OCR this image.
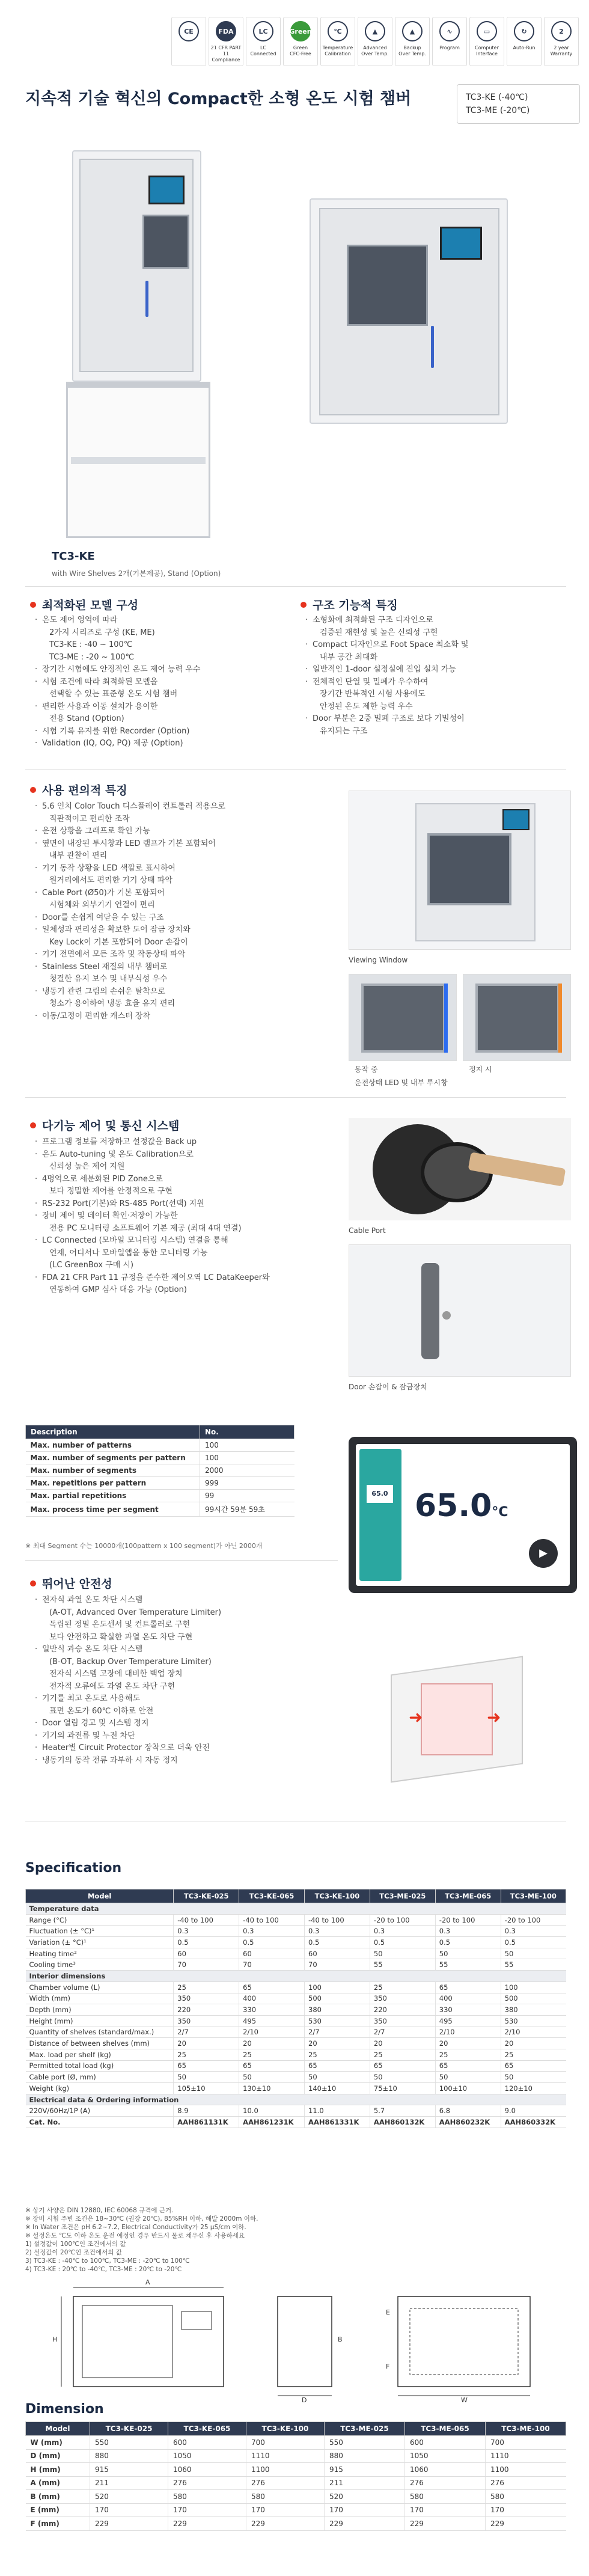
CE	FDA
21 CFR PART 11
Compliance
LC
LC
Connected
Green
Green
CFC-Free
℃
Temperature
Calibration
▲
Advanced
Over Temp.
▲
Backup
Over Temp.
∿
Program
▭
Computer
Interface
↻
Auto-Run
2
2 year
Warranty
지속적 기술 혁신의 Compact한 소형 온도 시험 챔버	TC3-KE (-40℃)
TC3-ME (-20℃)
TC3-KE
with Wire Shelves 2개(기본제공), Stand (Option)
최적화된 모델 구성
· 온도 제어 영역에 따라
2가지 시리즈로 구성 (KE, ME)
TC3-KE : -40 ~ 100℃
TC3-ME : -20 ~ 100℃
· 장기간 시험에도 안정적인 온도 제어 능력 우수
· 시험 조건에 따라 최적화된 모델을
선택할 수 있는 표준형 온도 시험 챔버
· 편리한 사용과 이동 설치가 용이한
전용 Stand (Option)
· 시험 기록 유지를 위한 Recorder (Option)
· Validation (IQ, OQ, PQ) 제공 (Option)
구조 기능적 특징
· 소형화에 최적화된 구조 디자인으로
검증된 재현성 및 높은 신뢰성 구현
· Compact 디자인으로 Foot Space 최소화 및
내부 공간 최대화
· 일반적인 1-door 설정실에 진입 설치 가능
· 전체적인 단열 및 밀폐가 우수하여
장기간 반복적인 시험 사용에도
안정된 온도 제한 능력 우수
· Door 부분은 2중 밀폐 구조로 보다 기밀성이
유지되는 구조
사용 편의적 특징
· 5.6 인치 Color Touch 디스플레이 컨트롤러 적용으로
직관적이고 편리한 조작
· 운전 상황을 그래프로 확인 가능
· 옆면이 내장된 투시창과 LED 램프가 기본 포함되어
내부 관찰이 편리
· 기기 동작 상황을 LED 색깔로 표시하여
원거리에서도 편리한 기기 상태 파악
· Cable Port (Ø50)가 기본 포함되어
시험체와 외부기기 연결이 편리
· Door를 손쉽게 여닫을 수 있는 구조
· 일체성과 편리성을 확보한 도어 잠금 장치와
Key Lock이 기본 포함되어 Door 손잡이
· 기기 전면에서 모든 조작 및 작동상태 파악
· Stainless Steel 재질의 내부 챔버로
청결한 유지 보수 및 내부식성 우수
· 냉동기 관련 그림의 손쉬운 탈착으로
청소가 용이하여 냉동 효율 유지 편리
· 이동/고정이 편리한 캐스터 장착
Viewing Window
동작 중	정지 시
운전상태 LED 및 내부 투시창
다기능 제어 및 통신 시스템
· 프로그램 정보를 저장하고 설정값을 Back up
· 온도 Auto-tuning 및 온도 Calibration으로
신뢰성 높은 제어 지원
· 4명역으로 세분화된 PID Zone으로
보다 정밀한 제어를 안정적으로 구현
· RS-232 Port(기본)와 RS-485 Port(선택) 지원
· 장비 제어 및 데이터 확인·저장이 가능한
전용 PC 모니터링 소프트웨어 기본 제공 (최대 4대 연결)
· LC Connected (모바일 모니터링 시스템) 연결을 통해
언제, 어디서나 모바일앱을 통한 모니터링 가능
(LC GreenBox 구매 시)
· FDA 21 CFR Part 11 규정을 준수한 제어오역 LC DataKeeper와
연동하여 GMP 심사 대응 가능 (Option)
Cable Port
Door 손잡이 & 잠금장치
Description	No.
Max. number of patterns	100
Max. number of segments per pattern	100
Max. number of segments	2000
Max. repetitions per pattern	999
Max. partial repetitions	99
Max. process time per segment	99시간 59분 59초
※ 최대 Segment 수는 10000개(100pattern x 100 segment)가 아닌 2000개
65.0 65.0°C
▶
뛰어난 안전성
· 전자식 과열 온도 차단 시스템
(A-OT, Advanced Over Temperature Limiter)
독립된 정밀 온도센서 및 컨트롤러로 구현
보다 안전하고 확실한 과열 온도 차단 구현
· 일반식 과승 온도 차단 시스템
(B-OT, Backup Over Temperature Limiter)
전자식 시스템 고장에 대비한 백업 장치
전자적 오류에도 과열 온도 차단 구현
· 기기를 최고 온도로 사용해도
표면 온도가 60℃ 이하로 안전
· Door 열림 경고 및 시스템 정지
· 기기의 과전류 및 누전 차단
· Heater별 Circuit Protector 장착으로 더욱 안전
· 냉동기의 동작 전류 과부하 시 자동 정지
➜	➜
Specification
Model	TC3-KE-025	TC3-KE-065	TC3-KE-100	TC3-ME-025	TC3-ME-065	TC3-ME-100
Temperature data						
Range (°C)	-40 to 100	-40 to 100	-40 to 100	-20 to 100	-20 to 100	-20 to 100
Fluctuation (± °C)¹	0.3	0.3	0.3	0.3	0.3	0.3
Variation (± °C)¹	0.5	0.5	0.5	0.5	0.5	0.5
Heating time²	60	60	60	50	50	50
Cooling time³	70	70	70	55	55	55
Interior dimensions						
Chamber volume (L)	25	65	100	25	65	100
Width (mm)	350	400	500	350	400	500
Depth (mm)	220	330	380	220	330	380
Height (mm)	350	495	530	350	495	530
Quantity of shelves (standard/max.)	2/7	2/10	2/7	2/7	2/10	2/10
Distance of between shelves (mm)	20	20	20	20	20	20
Max. load per shelf (kg)	25	25	25	25	25	25
Permitted total load (kg)	65	65	65	65	65	65
Cable port (Ø, mm)	50	50	50	50	50	50
Weight (kg)	105±10	130±10	140±10	75±10	100±10	120±10
Electrical data & Ordering information						
220V/60Hz/1P (A)	8.9	10.0	11.0	5.7	6.8	9.0
Cat. No.	AAH861131K	AAH861231K	AAH861331K	AAH860132K	AAH860232K	AAH860332K
※ 상기 사양은 DIN 12880, IEC 60068 규격에 근거.
※ 장비 시험 주변 조건은 18~30℃ (권장 20℃), 85%RH 이하, 해발 2000m 이하.
※ In Water 조건은 pH 6.2~7.2, Electrical Conductivity가 25 μS/cm 이하.
※ 설정온도 ℃도 이하 온도 운전 예정인 경우 반드시 물로 채우신 후 사용하세요
1) 설정값이 100℃인 조건에서의 값
2) 설정값이 20℃인 조건에서의 값
3) TC3-KE : -40℃ to 100℃, TC3-ME : -20℃ to 100℃
4) TC3-KE : 20℃ to -40℃, TC3-ME : 20℃ to -20℃
A
H
D	W
B
E
F
Dimension
Model	TC3-KE-025	TC3-KE-065	TC3-KE-100	TC3-ME-025	TC3-ME-065	TC3-ME-100
W (mm)	550	600	700	550	600	700
D (mm)	880	1050	1110	880	1050	1110
H (mm)	915	1060	1100	915	1060	1100
A (mm)	211	276	276	211	276	276
B (mm)	520	580	580	520	580	580
E (mm)	170	170	170	170	170	170
F (mm)	229	229	229	229	229	229
